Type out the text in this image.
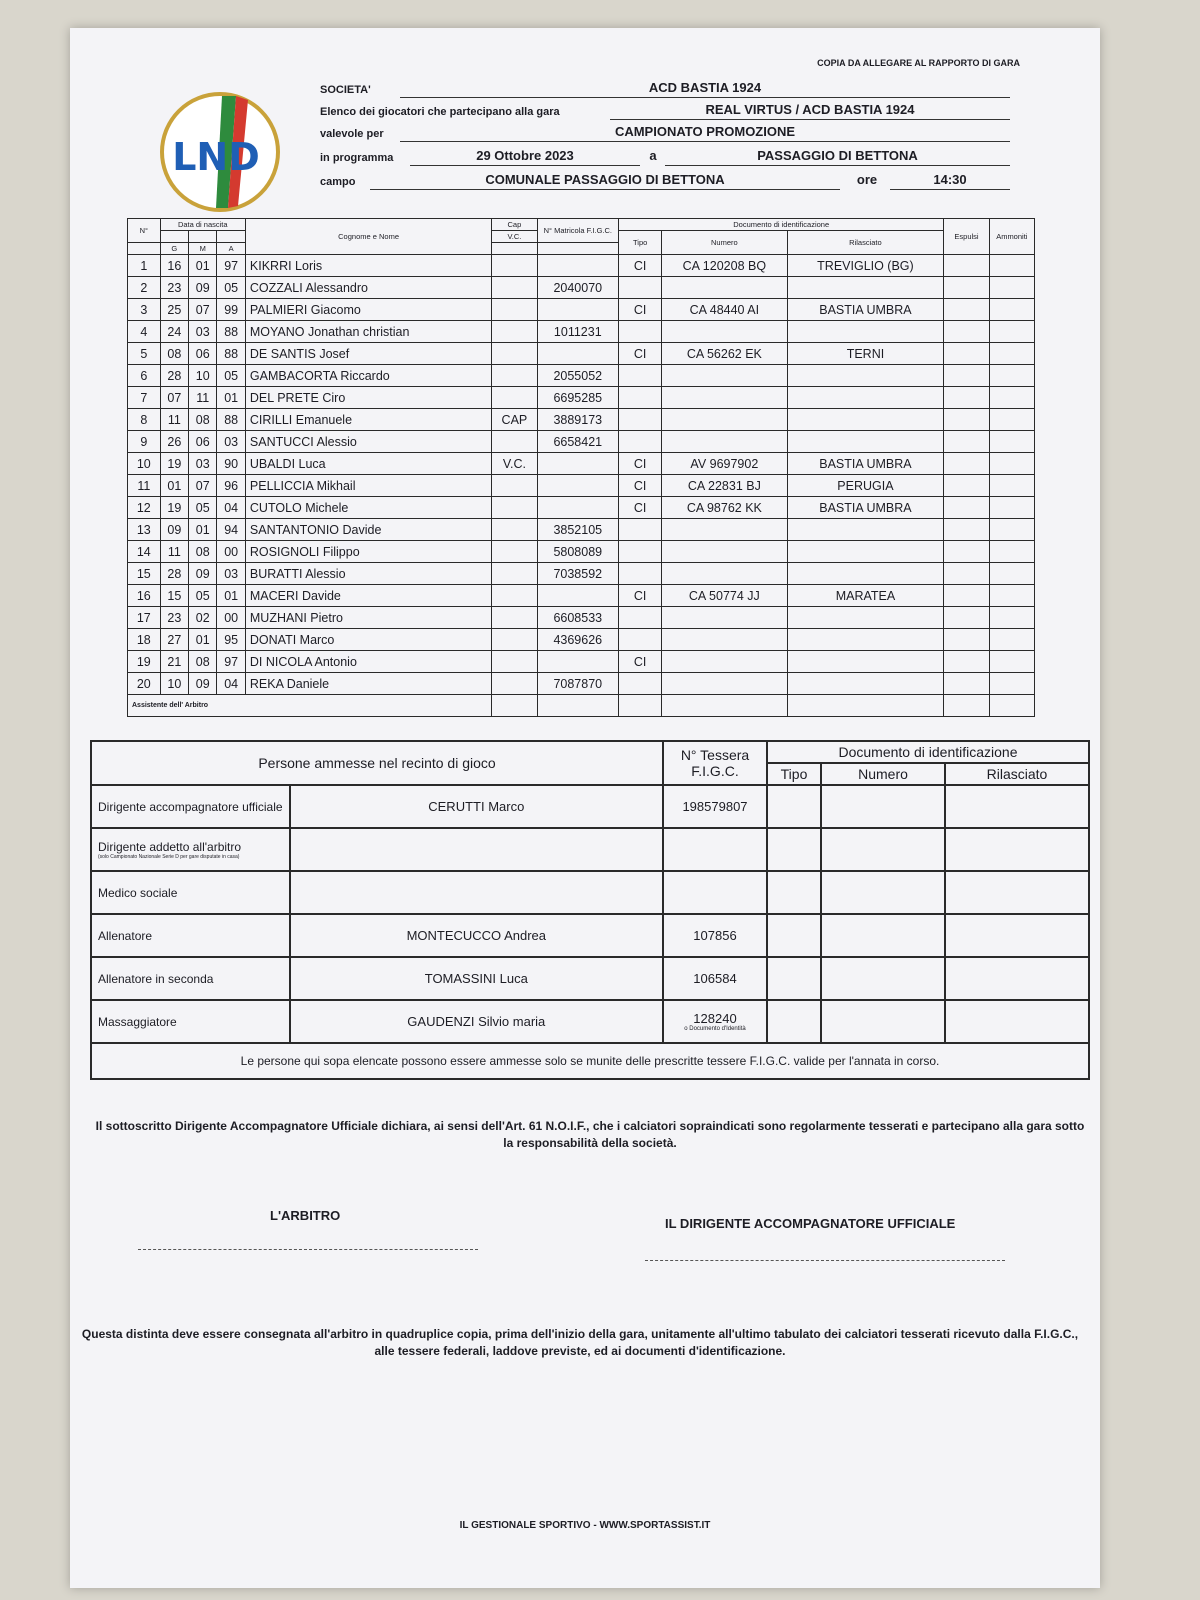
COPIA DA ALLEGARE AL RAPPORTO DI GARA
LND
SOCIETA'	ACD BASTIA 1924
Elenco dei giocatori che partecipano alla gara	REAL VIRTUS / ACD BASTIA 1924
valevole per	CAMPIONATO PROMOZIONE
in programma	29 Ottobre 2023	a	PASSAGGIO DI BETTONA
campo	COMUNALE PASSAGGIO DI BETTONA	ore	14:30
N°	Data di nascita			Cognome e Nome	Cap	N° Matricola F.I.G.C.	Documento di identificazione			Espulsi	Ammoniti
					V.C.		Tipo	Numero	Rilasciato		
	G	M	A								
1	16	01	97	KIKRRI Loris			CI	CA 120208 BQ	TREVIGLIO (BG)		
2	23	09	05	COZZALI Alessandro		2040070					
3	25	07	99	PALMIERI Giacomo			CI	CA 48440 AI	BASTIA UMBRA		
4	24	03	88	MOYANO Jonathan christian		1011231					
5	08	06	88	DE SANTIS Josef			CI	CA 56262 EK	TERNI		
6	28	10	05	GAMBACORTA Riccardo		2055052					
7	07	11	01	DEL PRETE Ciro		6695285					
8	11	08	88	CIRILLI Emanuele	CAP	3889173					
9	26	06	03	SANTUCCI Alessio		6658421					
10	19	03	90	UBALDI Luca	V.C.		CI	AV 9697902	BASTIA UMBRA		
11	01	07	96	PELLICCIA Mikhail			CI	CA 22831 BJ	PERUGIA		
12	19	05	04	CUTOLO Michele			CI	CA 98762 KK	BASTIA UMBRA		
13	09	01	94	SANTANTONIO Davide		3852105					
14	11	08	00	ROSIGNOLI Filippo		5808089					
15	28	09	03	BURATTI Alessio		7038592					
16	15	05	01	MACERI Davide			CI	CA 50774 JJ	MARATEA		
17	23	02	00	MUZHANI Pietro		6608533					
18	27	01	95	DONATI Marco		4369626					
19	21	08	97	DI NICOLA Antonio			CI				
20	10	09	04	REKA Daniele		7087870					
Assistente dell' Arbitro											
Persone ammesse nel recinto di gioco		N° Tessera F.I.G.C.	Documento di identificazione		
			Tipo	Numero	Rilasciato
Dirigente accompagnatore ufficiale	CERUTTI Marco	198579807			
Dirigente addetto all'arbitro
(solo Campionato Nazionale Serie D per gare disputate in casa)					

Medico sociale					
Allenatore	MONTECUCCO Andrea	107856			
Allenatore in seconda	TOMASSINI Luca	106584			
Massaggiatore	GAUDENZI Silvio maria	128240
o Documento d'Identità			

Le persone qui sopa elencate possono essere ammesse solo se munite delle prescritte tessere F.I.G.C. valide per l'annata in corso.					
Il sottoscritto Dirigente Accompagnatore Ufficiale dichiara, ai sensi dell'Art. 61 N.O.I.F., che i calciatori sopraindicati sono regolarmente tesserati e partecipano alla gara sotto la responsabilità della società.
L'ARBITRO
IL DIRIGENTE ACCOMPAGNATORE UFFICIALE
Questa distinta deve essere consegnata all'arbitro in quadruplice copia, prima dell'inizio della gara, unitamente all'ultimo tabulato dei calciatori tesserati ricevuto dalla F.I.G.C., alle tessere federali, laddove previste, ed ai documenti d'identificazione.
IL GESTIONALE SPORTIVO - WWW.SPORTASSIST.IT
